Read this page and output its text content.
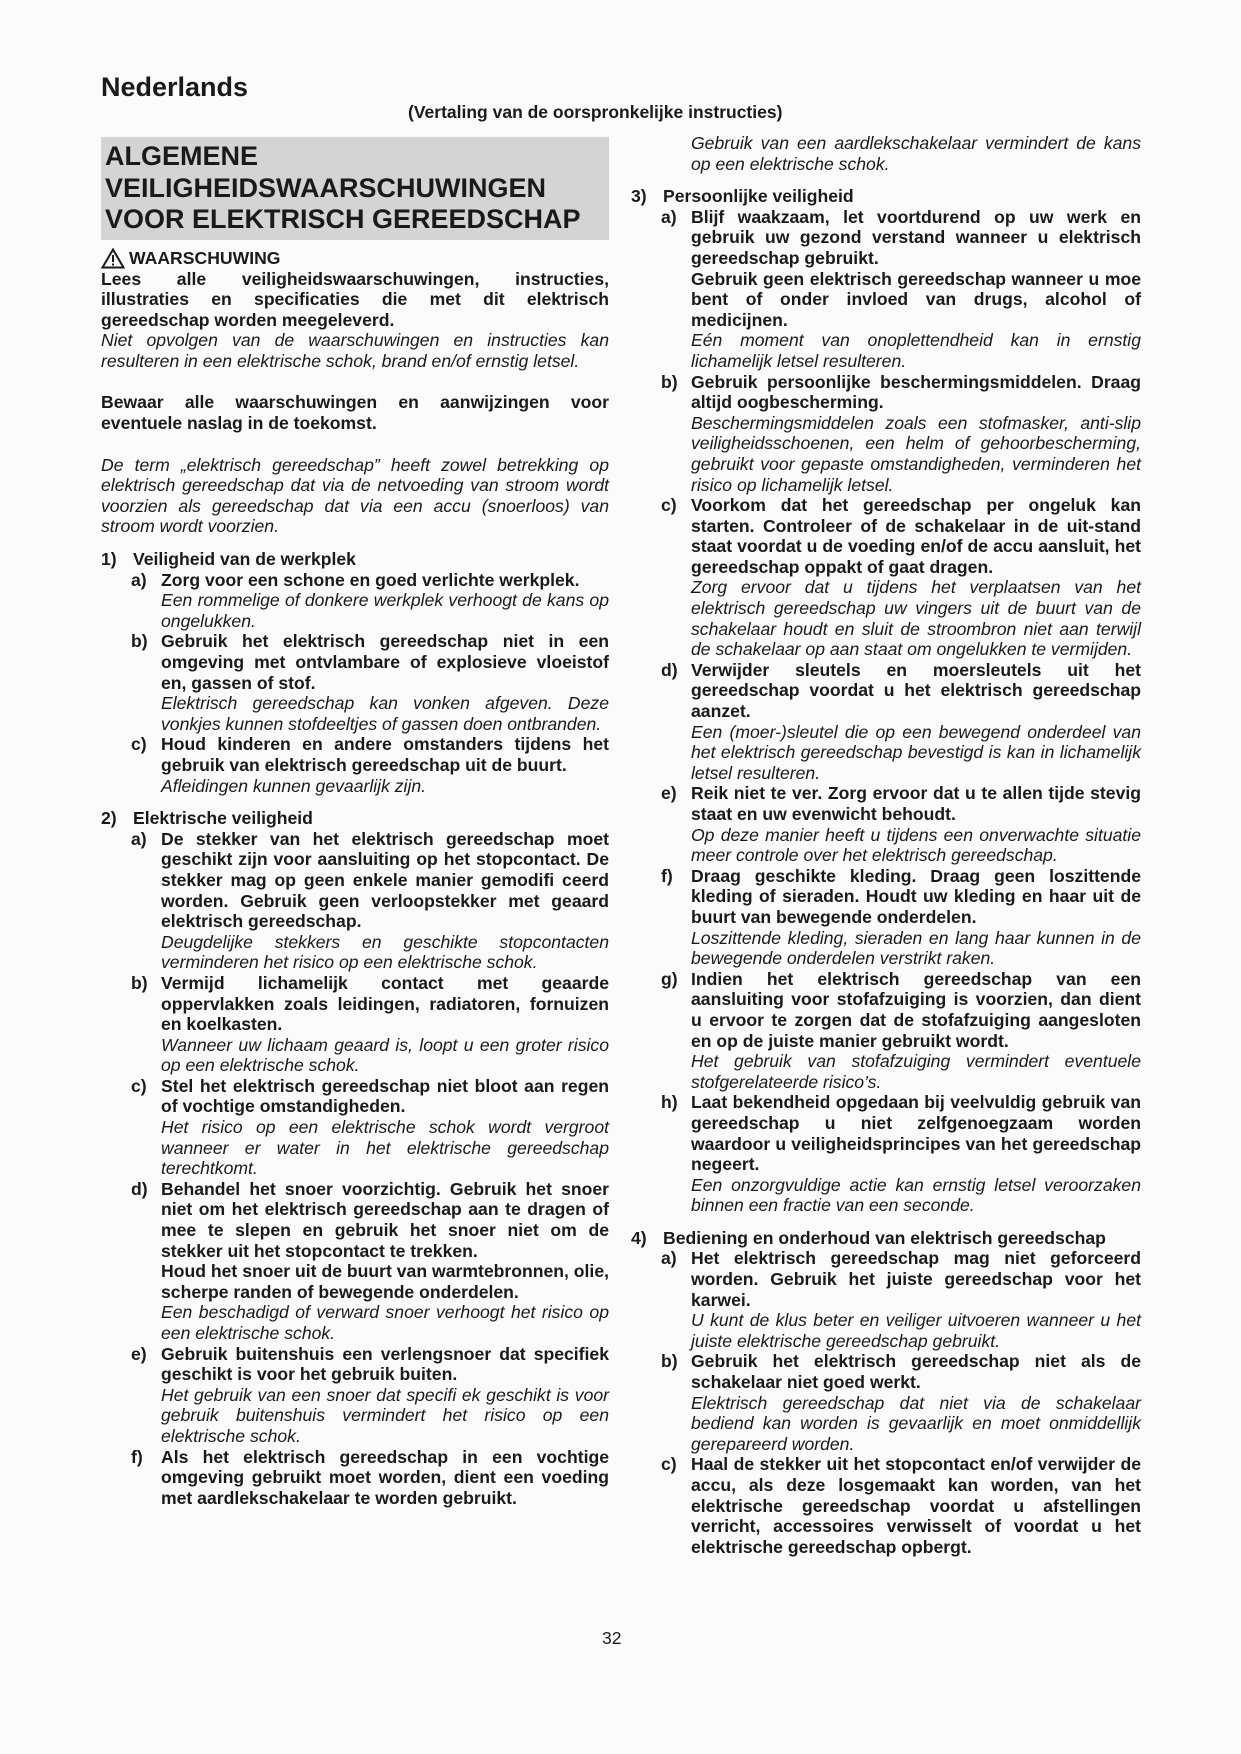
Nederlands
(Vertaling van de oorspronkelijke instructies)
ALGEMENE VEILIGHEIDSWAARSCHUWINGEN VOOR ELEKTRISCH GEREEDSCHAP
WAARSCHUWING

Lees alle veiligheidswaarschuwingen, instructies, illustraties en specificaties die met dit elektrisch gereedschap worden meegeleverd.

Niet opvolgen van de waarschuwingen en instructies kan resulteren in een elektrische schok, brand en/of ernstig letsel.

Bewaar alle waarschuwingen en aanwijzingen voor eventuele naslag in de toekomst.

De term „elektrisch gereedschap” heeft zowel betrekking op elektrisch gereedschap dat via de netvoeding van stroom wordt voorzien als gereedschap dat via een accu (snoerloos) van stroom wordt voorzien.

1) Veiligheid van de werkplek
a) Zorg voor een schone en goed verlichte werkplek.

Een rommelige of donkere werkplek verhoogt de kans op ongelukken.

b) Gebruik het elektrisch gereedschap niet in een omgeving met ontvlambare of explosieve vloeistof en, gassen of stof.

Elektrisch gereedschap kan vonken afgeven. Deze vonkjes kunnen stofdeeltjes of gassen doen ontbranden.

c) Houd kinderen en andere omstanders tijdens het gebruik van elektrisch gereedschap uit de buurt.

Afleidingen kunnen gevaarlijk zijn.

2) Elektrische veiligheid
a) De stekker van het elektrisch gereedschap moet geschikt zijn voor aansluiting op het stopcontact. De stekker mag op geen enkele manier gemodifi ceerd worden. Gebruik geen verloopstekker met geaard elektrisch gereedschap.

Deugdelijke stekkers en geschikte stopcontacten verminderen het risico op een elektrische schok.

b) Vermijd lichamelijk contact met geaarde oppervlakken zoals leidingen, radiatoren, fornuizen en koelkasten.

Wanneer uw lichaam geaard is, loopt u een groter risico op een elektrische schok.

c) Stel het elektrisch gereedschap niet bloot aan regen of vochtige omstandigheden.

Het risico op een elektrische schok wordt vergroot wanneer er water in het elektrische gereedschap terechtkomt.

d) Behandel het snoer voorzichtig. Gebruik het snoer niet om het elektrisch gereedschap aan te dragen of mee te slepen en gebruik het snoer niet om de stekker uit het stopcontact te trekken.

Houd het snoer uit de buurt van warmtebronnen, olie, scherpe randen of bewegende onderdelen.

Een beschadigd of verward snoer verhoogt het risico op een elektrische schok.

e) Gebruik buitenshuis een verlengsnoer dat specifiek geschikt is voor het gebruik buiten.

Het gebruik van een snoer dat specifi ek geschikt is voor gebruik buitenshuis vermindert het risico op een elektrische schok.

f)	Als het elektrisch gereedschap in een vochtige omgeving gebruikt moet worden, dient een voeding met aardlekschakelaar te worden gebruikt.

Gebruik van een aardlekschakelaar vermindert de kans op een elektrische schok.

3) Persoonlijke veiligheid
a) Blijf waakzaam, let voortdurend op uw werk en gebruik uw gezond verstand wanneer u elektrisch gereedschap gebruikt.

Gebruik geen elektrisch gereedschap wanneer u moe bent of onder invloed van drugs, alcohol of medicijnen.

Eén moment van onoplettendheid kan in ernstig lichamelijk letsel resulteren.

b) Gebruik persoonlijke beschermingsmiddelen. Draag altijd oogbescherming.

Beschermingsmiddelen zoals een stofmasker, anti-slip veiligheidsschoenen, een helm of gehoorbescherming, gebruikt voor gepaste omstandigheden, verminderen het risico op lichamelijk letsel.

c) Voorkom dat het gereedschap per ongeluk kan starten. Controleer of de schakelaar in de uit-stand staat voordat u de voeding en/of de accu aansluit, het gereedschap oppakt of gaat dragen.

Zorg ervoor dat u tijdens het verplaatsen van het elektrisch gereedschap uw vingers uit de buurt van de schakelaar houdt en sluit de stroombron niet aan terwijl de schakelaar op aan staat om ongelukken te vermijden.

d) Verwijder sleutels en moersleutels uit het gereedschap voordat u het elektrisch gereedschap aanzet.

Een (moer-)sleutel die op een bewegend onderdeel van het elektrisch gereedschap bevestigd is kan in lichamelijk letsel resulteren.

e) Reik niet te ver. Zorg ervoor dat u te allen tijde stevig staat en uw evenwicht behoudt.

Op deze manier heeft u tijdens een onverwachte situatie meer controle over het elektrisch gereedschap.

f)	Draag geschikte kleding. Draag geen loszittende kleding of sieraden. Houdt uw kleding en haar uit de buurt van bewegende onderdelen.

Loszittende kleding, sieraden en lang haar kunnen in de bewegende onderdelen verstrikt raken.

g) Indien het elektrisch gereedschap van een aansluiting voor stofafzuiging is voorzien, dan dient u ervoor te zorgen dat de stofafzuiging aangesloten en op de juiste manier gebruikt wordt.

Het gebruik van stofafzuiging vermindert eventuele stofgerelateerde risico’s.

h) Laat bekendheid opgedaan bij veelvuldig gebruik van gereedschap u niet zelfgenoegzaam worden waardoor u veiligheidsprincipes van het gereedschap negeert.

Een onzorgvuldige actie kan ernstig letsel veroorzaken binnen een fractie van een seconde.

4) Bediening en onderhoud van elektrisch gereedschap
a) Het elektrisch gereedschap mag niet geforceerd worden. Gebruik het juiste gereedschap voor het karwei.

U kunt de klus beter en veiliger uitvoeren wanneer u het juiste elektrische gereedschap gebruikt.

b) Gebruik het elektrisch gereedschap niet als de schakelaar niet goed werkt.

Elektrisch gereedschap dat niet via de schakelaar bediend kan worden is gevaarlijk en moet onmiddellijk gerepareerd worden.

c) Haal de stekker uit het stopcontact en/of verwijder de accu, als deze losgemaakt kan worden, van het elektrische gereedschap voordat u afstellingen verricht, accessoires verwisselt of voordat u het elektrische gereedschap opbergt.

32
